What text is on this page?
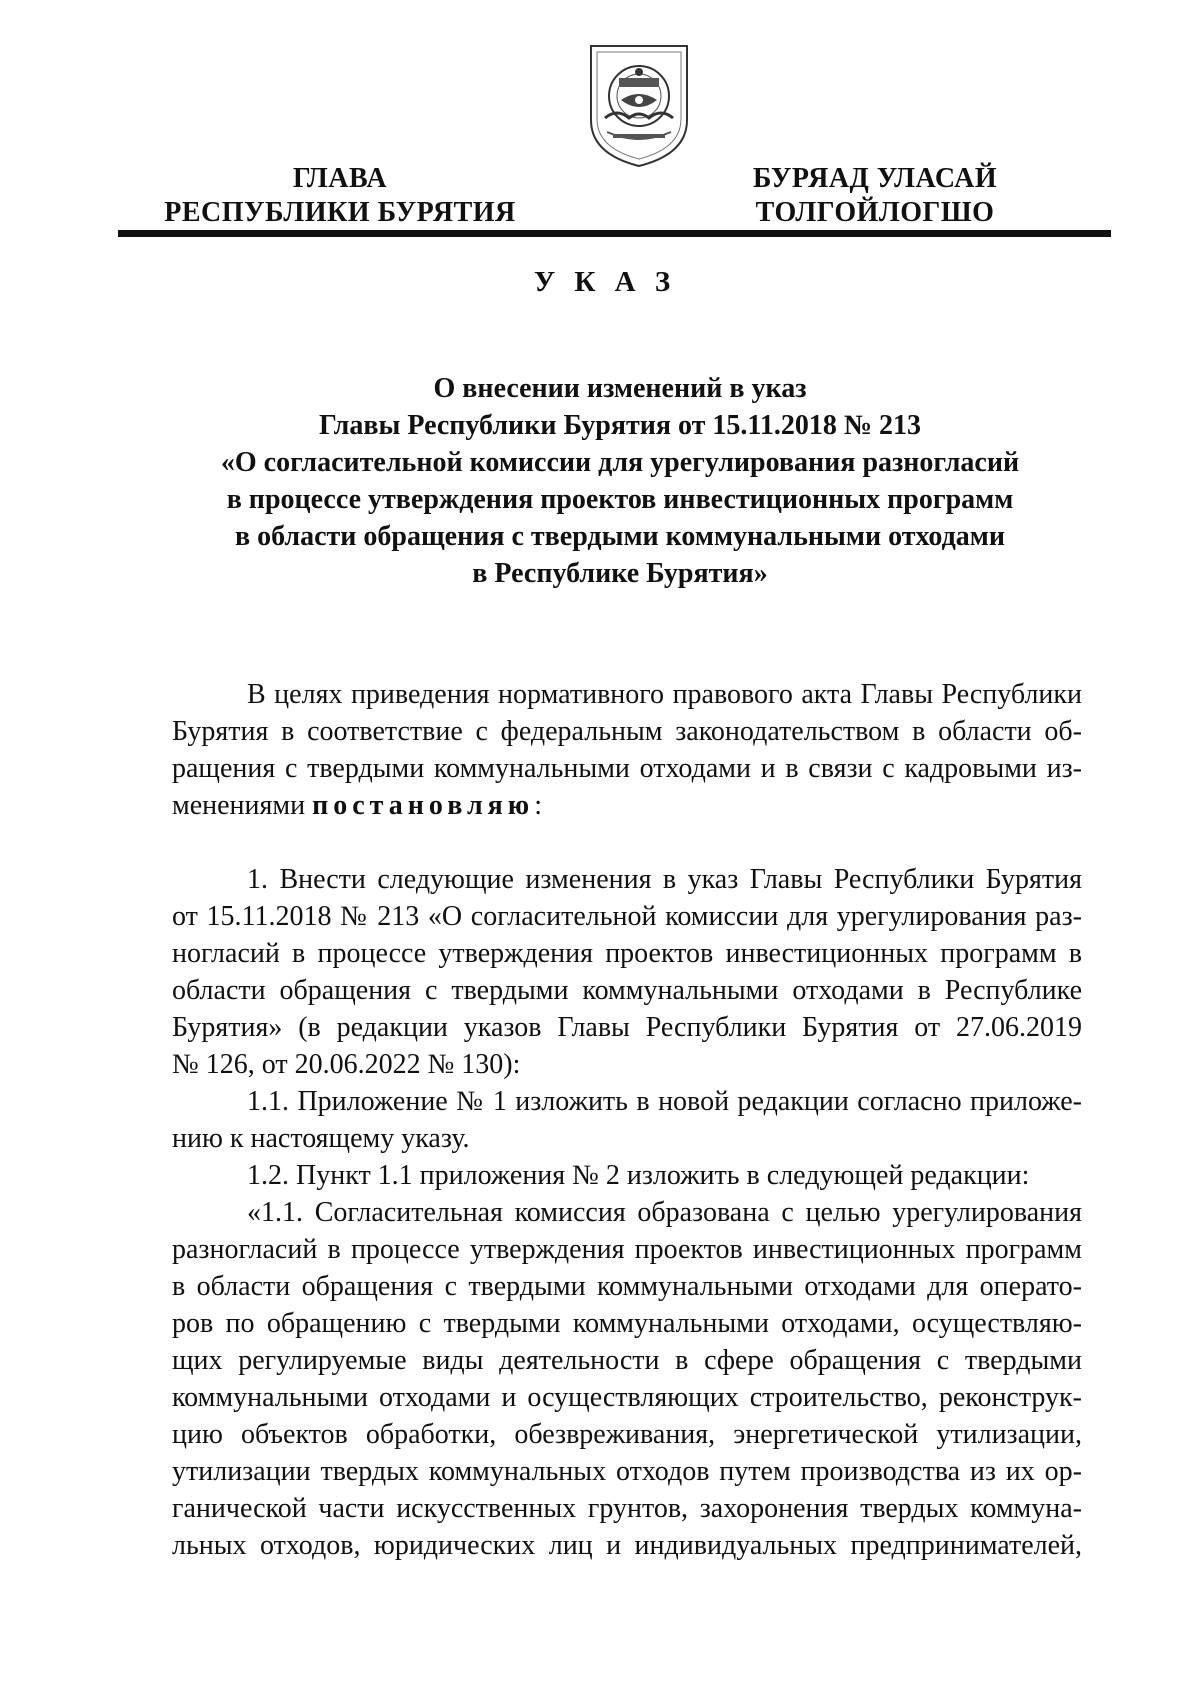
ГЛАВА
РЕСПУБЛИКИ БУРЯТИЯ
БУРЯАД УЛАСАЙ
ТОЛГОЙЛОГШО
У К А З
О внесении изменений в указ
Главы Республики Бурятия от 15.11.2018 № 213
«О согласительной комиссии для урегулирования разногласий
в процессе утверждения проектов инвестиционных программ
в области обращения с твердыми коммунальными отходами
в Республике Бурятия»
В целях приведения нормативного правового акта Главы Республики
Бурятия в соответствие с федеральным законодательством в области об-
ращения с твердыми коммунальными отходами и в связи с кадровыми из-
менениями постановляю:
1. Внести следующие изменения в указ Главы Республики Бурятия
от 15.11.2018 № 213 «О согласительной комиссии для урегулирования раз-
ногласий в процессе утверждения проектов инвестиционных программ в
области обращения с твердыми коммунальными отходами в Республике
Бурятия» (в редакции указов Главы Республики Бурятия от 27.06.2019
№ 126, от 20.06.2022 № 130):
1.1. Приложение № 1 изложить в новой редакции согласно приложе-
нию к настоящему указу.
1.2. Пункт 1.1 приложения № 2 изложить в следующей редакции:
«1.1. Согласительная комиссия образована с целью урегулирования
разногласий в процессе утверждения проектов инвестиционных программ
в области обращения с твердыми коммунальными отходами для операто-
ров по обращению с твердыми коммунальными отходами, осуществляю-
щих регулируемые виды деятельности в сфере обращения с твердыми
коммунальными отходами и осуществляющих строительство, реконструк-
цию объектов обработки, обезвреживания, энергетической утилизации,
утилизации твердых коммунальных отходов путем производства из их ор-
ганической части искусственных грунтов, захоронения твердых коммуна-
льных отходов, юридических лиц и индивидуальных предпринимателей,
